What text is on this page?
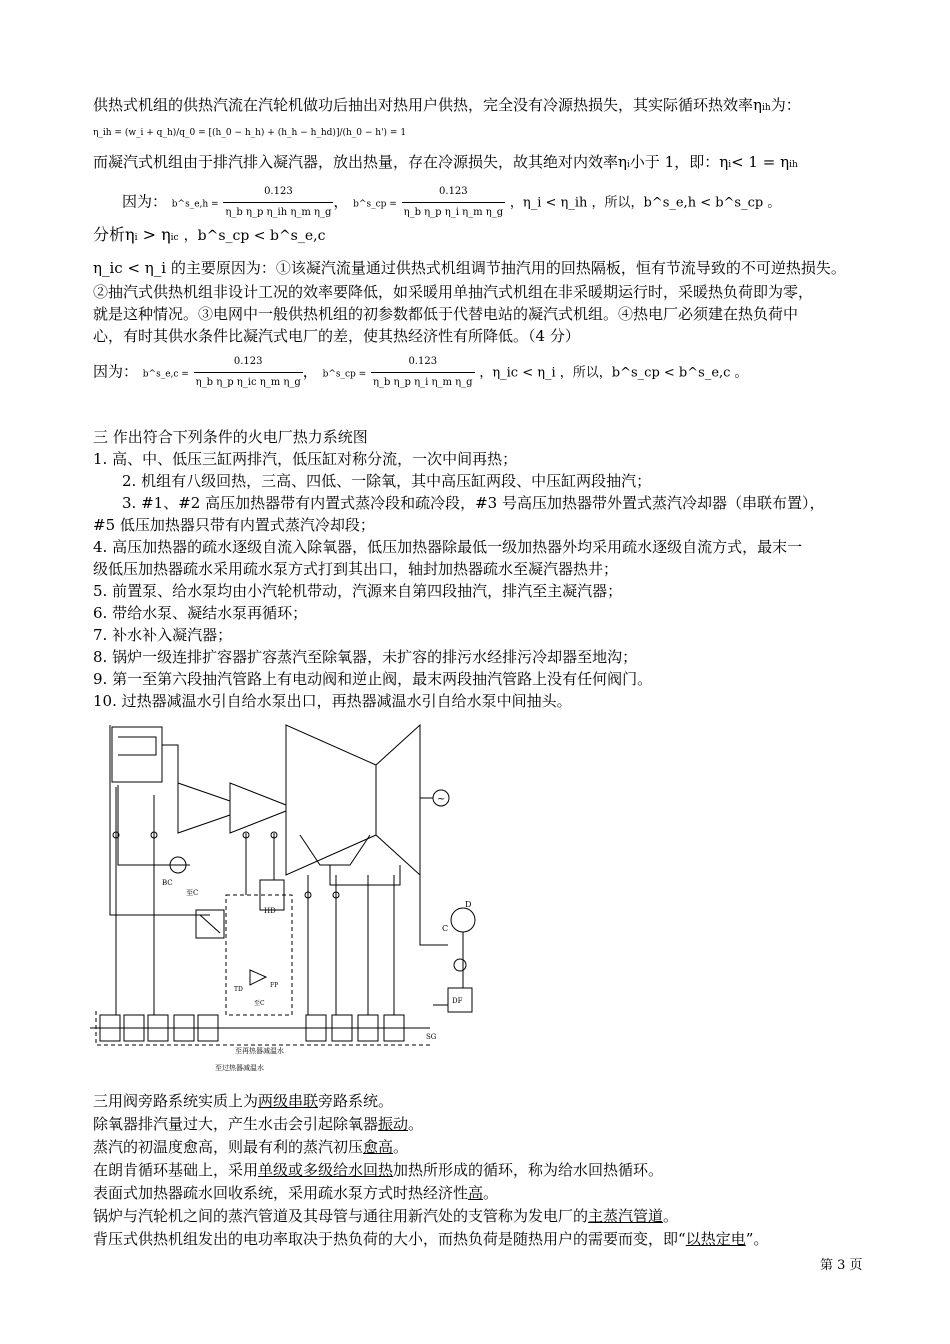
供热式机组的供热汽流在汽轮机做功后抽出对热用户供热，完全没有冷源热损失，其实际循环热效率ηih为：
η_ih = (w_i + q_h)/q_0 = [(h_0 − h_h) + (h_h − h_hd)]/(h_0 − h') = 1
而凝汽式机组由于排汽排入凝汽器，放出热量，存在冷源损失，故其绝对内效率ηi小于 1，即：ηi< 1 = ηih
因为： b^s_e,h = $\frac{0.123}{\text{η\_b η\_p η\_ih η\_m η\_g}}$ ， b^s_cp = $\frac{0.123}{\text{η\_b η\_p η\_i η\_m η\_g}}$ ，η_i < η_ih ，所以，b^s_e,h < b^s_cp 。
分析ηi > ηic ，b^s_cp < b^s_e,c
η_ic < η_i 的主要原因为：①该凝汽流量通过供热式机组调节抽汽用的回热隔板，恒有节流导致的不可逆热损失。
②抽汽式供热机组非设计工况的效率要降低，如采暖用单抽汽式机组在非采暖期运行时，采暖热负荷即为零，
就是这种情况。③电网中一般供热机组的初参数都低于代替电站的凝汽式机组。④热电厂必须建在热负荷中
心，有时其供水条件比凝汽式电厂的差，使其热经济性有所降低。（4 分）
因为： b^s_e,c = $\frac{0.123}{\text{η\_b η\_p η\_ic η\_m η\_g}}$ ， b^s_cp = $\frac{0.123}{\text{η\_b η\_p η\_i η\_m η\_g}}$ ，η_ic < η_i ，所以，b^s_cp < b^s_e,c 。
三 作出符合下列条件的火电厂热力系统图
1. 高、中、低压三缸两排汽，低压缸对称分流，一次中间再热；
2. 机组有八级回热，三高、四低、一除氧，其中高压缸两段、中压缸两段抽汽；
3. #1、#2 高压加热器带有内置式蒸冷段和疏冷段，#3 号高压加热器带外置式蒸汽冷却器（串联布置），
#5 低压加热器只带有内置式蒸汽冷却段；
4. 高压加热器的疏水逐级自流入除氧器，低压加热器除最低一级加热器外均采用疏水逐级自流方式，最末一
级低压加热器疏水采用疏水泵方式打到其出口，轴封加热器疏水至凝汽器热井；
5. 前置泵、给水泵均由小汽轮机带动，汽源来自第四段抽汽，排汽至主凝汽器；
6. 带给水泵、凝结水泵再循环；
7. 补水补入凝汽器；
8. 锅炉一级连排扩容器扩容蒸汽至除氧器，未扩容的排污水经排污冷却器至地沟；
9. 第一至第六段抽汽管路上有电动阀和逆止阀，最末两段抽汽管路上没有任何阀门。
10. 过热器减温水引自给水泵出口，再热器减温水引自给水泵中间抽头。
~
HD
BC
至C
TD
FP
至C
D
C
DF
SG
至再热器减温水
至过热器减温水
三用阀旁路系统实质上为两级串联旁路系统。
除氧器排汽量过大，产生水击会引起除氧器振动。
蒸汽的初温度愈高，则最有利的蒸汽初压愈高。
在朗肯循环基础上，采用单级或多级给水回热加热所形成的循环，称为给水回热循环。
表面式加热器疏水回收系统，采用疏水泵方式时热经济性高。
锅炉与汽轮机之间的蒸汽管道及其母管与通往用新汽处的支管称为发电厂的主蒸汽管道。
背压式供热机组发出的电功率取决于热负荷的大小，而热负荷是随热用户的需要而变，即“以热定电”。
第 3 页
